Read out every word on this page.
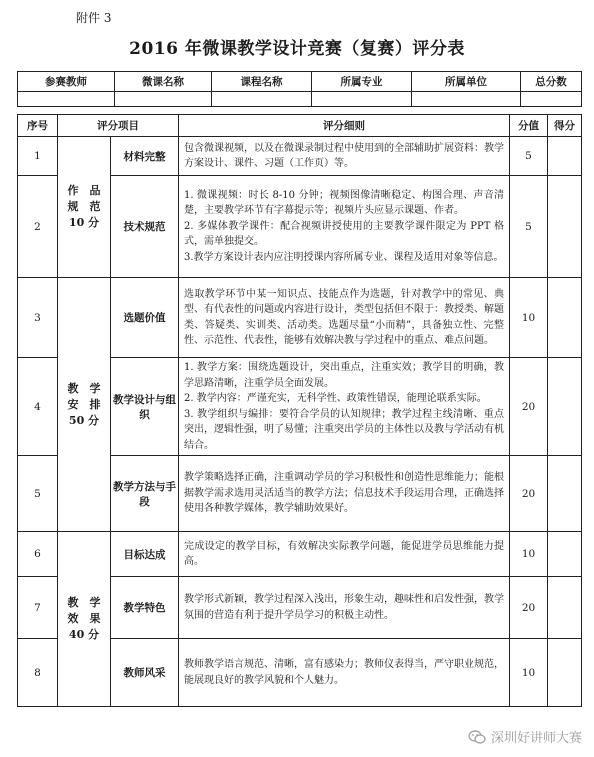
附件 3
2016 年微课教学设计竞赛（复赛）评分表
参赛教师	微课名称	课程名称	所属专业	所属单位	总分数

序号	评分项目		评分细则	分值	得分
1	作　品
规　范
10 分	材料完整	包含微课视频，以及在微课录制过程中使用到的全部辅助扩展资料：教学方案设计、课件、习题（工作页）等。	5	
2		技术规范	1. 微课视频：时长 8-10 分钟；视频图像清晰稳定、构图合理、声音清楚，主要教学环节有字幕提示等；视频片头应显示课题、作者。
2. 多媒体教学课件：配合视频讲授使用的主要教学课件限定为 PPT 格式，需单独提交。
3.教学方案设计表内应注明授课内容所属专业、课程及适用对象等信息。	5	
3	教　学
安　排
50 分	选题价值	选取教学环节中某一知识点、技能点作为选题，针对教学中的常见、典型、有代表性的问题或内容进行设计，类型包括但不限于：教授类、解题类、答疑类、实训类、活动类。选题尽量“小而精”，具备独立性、完整性、示范性、代表性，能够有效解决教与学过程中的重点、难点问题。	10	
4		教学设计与组织	1. 教学方案：围绕选题设计，突出重点，注重实效；教学目的明确，教学思路清晰，注重学员全面发展。
2. 教学内容：严谨充实，无科学性、政策性错误，能理论联系实际。
3. 教学组织与编排：要符合学员的认知规律；教学过程主线清晰、重点突出，逻辑性强，明了易懂；注重突出学员的主体性以及教与学活动有机结合。	20	
5		教学方法与手段	教学策略选择正确，注重调动学员的学习积极性和创造性思维能力；能根据教学需求选用灵活适当的教学方法；信息技术手段运用合理，正确选择使用各种教学媒体，教学辅助效果好。	20	
6	教　学
效　果
40 分	目标达成	完成设定的教学目标，有效解决实际教学问题，能促进学员思维能力提高。	10	
7		教学特色	教学形式新颖，教学过程深入浅出，形象生动，趣味性和启发性强，教学氛围的营造有利于提升学员学习的积极主动性。	20	
8		教师风采	教师教学语言规范、清晰，富有感染力；教师仪表得当，严守职业规范，能展现良好的教学风貌和个人魅力。	10	
深圳好讲师大赛
